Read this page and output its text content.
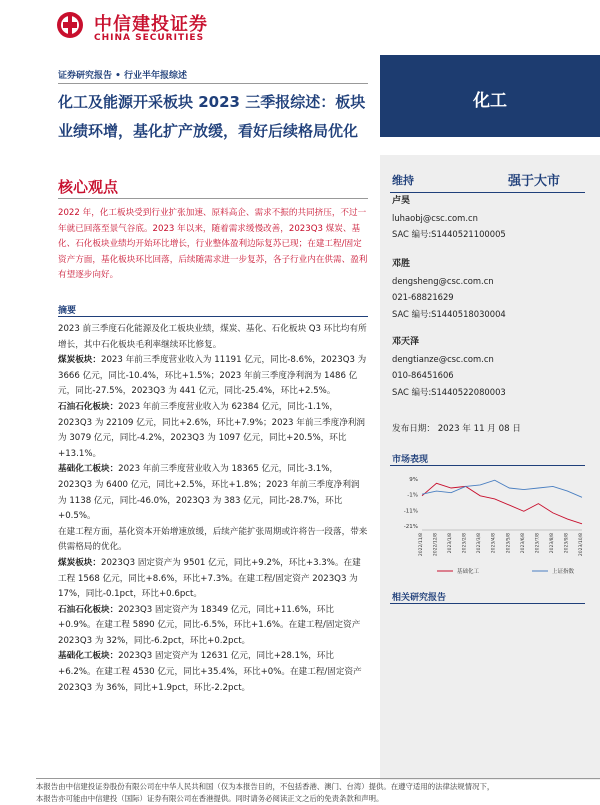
中信建投证券
CHINA SECURITIES
证券研究报告 • 行业半年报综述
化工及能源开采板块 2023 三季报综述：板块业绩环增，基化扩产放缓，看好后续格局优化
化工
核心观点
2022 年，化工板块受到行业扩张加速、原料高企、需求不振的共同挤压，不过一年就已回落至景气谷底。2023 年以来，随着需求缓慢改善，2023Q3 煤炭、基化、石化板块业绩均开始环比增长，行业整体盈利边际复苏已现；在建工程/固定资产方面，基化板块环比回落，后续随需求进一步复苏，各子行业内在供需、盈利有望逐步向好。
摘要

2023 前三季度石化能源及化工板块业绩，煤炭、基化、石化板块 Q3 环比均有所增长，其中石化板块毛利率继续环比修复。

煤炭板块：2023 年前三季度营业收入为 11191 亿元，同比-8.6%，2023Q3 为 3666 亿元，同比-10.4%，环比+1.5%；2023 年前三季度净利润为 1486 亿元，同比-27.5%，2023Q3 为 441 亿元，同比-25.4%，环比+2.5%。

石油石化板块：2023 年前三季度营业收入为 62384 亿元，同比-1.1%，2023Q3 为 22109 亿元，同比+2.6%，环比+7.9%；2023 年前三季度净利润为 3079 亿元，同比-4.2%，2023Q3 为 1097 亿元，同比+20.5%，环比+13.1%。

基础化工板块：2023 年前三季度营业收入为 18365 亿元，同比-3.1%，2023Q3 为 6400 亿元，同比+2.5%，环比+1.8%；2023 年前三季度净利润为 1138 亿元，同比-46.0%，2023Q3 为 383 亿元，同比-28.7%，环比+0.5%。

在建工程方面，基化资本开始增速放缓，后续产能扩张周期或许将告一段落，带来供需格局的优化。

煤炭板块：2023Q3 固定资产为 9501 亿元，同比+9.2%，环比+3.3%。在建工程 1568 亿元，同比+8.6%，环比+7.3%。在建工程/固定资产 2023Q3 为 17%，同比-0.1pct，环比+0.6pct。

石油石化板块：2023Q3 固定资产为 18349 亿元，同比+11.6%，环比+0.9%。在建工程 5890 亿元，同比-6.5%，环比+1.6%。在建工程/固定资产 2023Q3 为 32%，同比-6.2pct，环比+0.2pct。

基础化工板块：2023Q3 固定资产为 12631 亿元，同比+28.1%，环比+6.2%。在建工程 4530 亿元，同比+35.4%，环比+0%。在建工程/固定资产 2023Q3 为 36%，同比+1.9pct，环比-2.2pct。

维持	强于大市
卢昊
luhaobj@csc.com.cn
SAC 编号:S1440521100005
邓胜
dengsheng@csc.com.cn
021-68821629
SAC 编号:S1440518030004
邓天泽
dengtianze@csc.com.cn
010-86451606
SAC 编号:S1440522080003
发布日期： 2023 年 11 月 08 日
市场表现
9%
-1%
-11%
-21%
2022/11/8 2022/12/8 2023/1/8 2023/2/8 2023/3/8 2023/4/8 2023/5/8 2023/6/8 2023/7/8 2023/8/8 2023/9/8 2023/10/8
基础化工	上证指数
相关研究报告
本报告由中信建投证券股份有限公司在中华人民共和国（仅为本报告目的，不包括香港、澳门、台湾）提供。在遵守适用的法律法规情况下，
本报告亦可能由中信建投（国际）证券有限公司在香港提供。同时请务必阅读正文之后的免责条款和声明。
